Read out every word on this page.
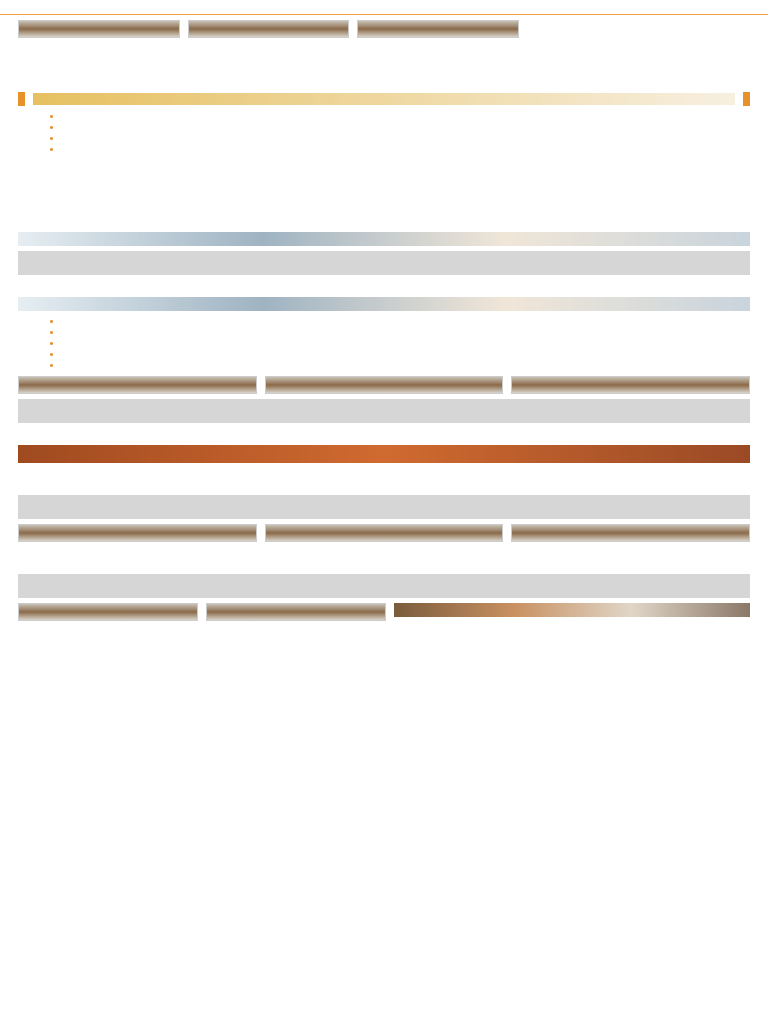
•
•
•
•
•
•
•
•
•
